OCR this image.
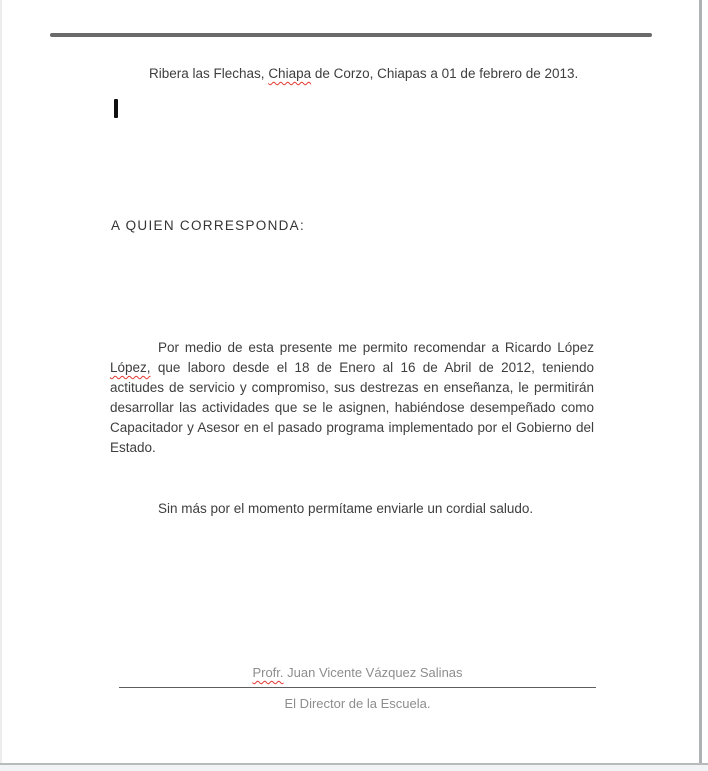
Ribera las Flechas, Chiapa de Corzo, Chiapas a 01 de febrero de 2013.

A QUIEN CORRESPONDA:

Por medio de esta presente me permito recomendar a Ricardo López López, que laboro desde el 18 de Enero al 16 de Abril de 2012, teniendo actitudes de servicio y compromiso, sus destrezas en enseñanza, le permitirán desarrollar las actividades que se le asignen, habiéndose desempeñado como Capacitador y Asesor en el pasado programa implementado por el Gobierno del Estado.

Sin más por el momento permítame enviarle un cordial saludo.

Profr. Juan Vicente Vázquez Salinas

El Director de la Escuela.
